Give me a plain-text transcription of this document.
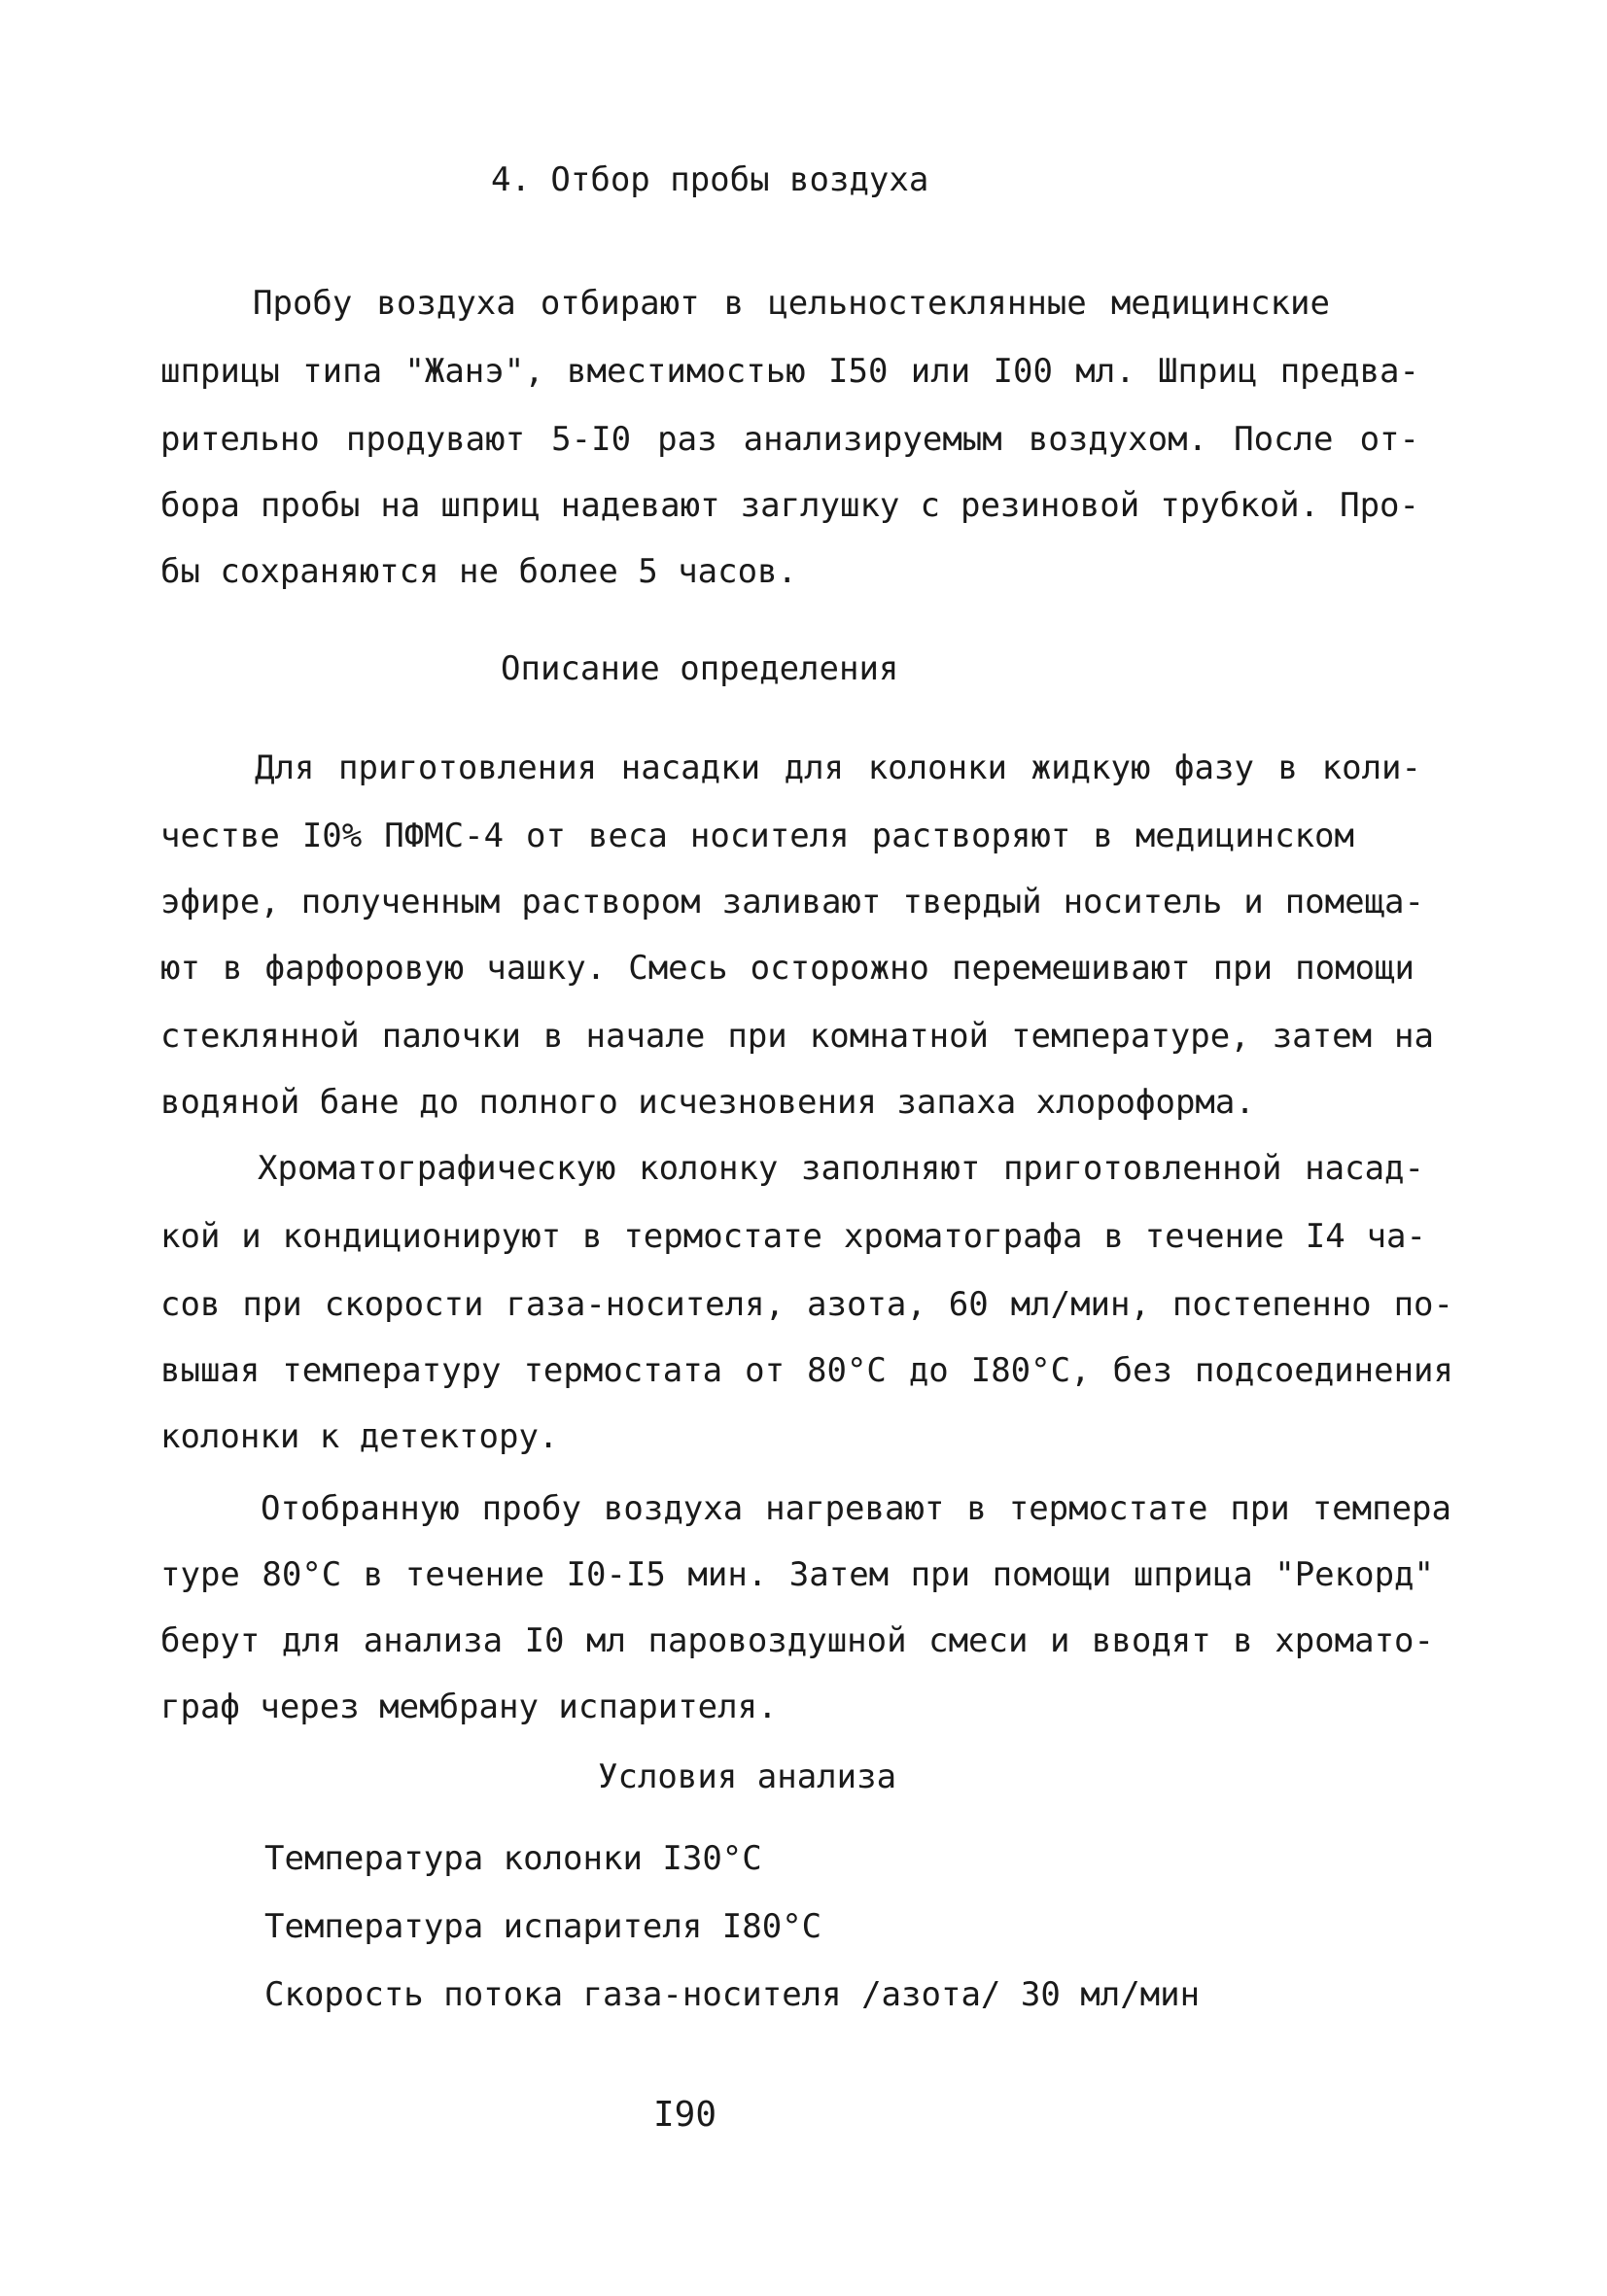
4. Отбор пробы воздуха
Пробу воздуха отбирают в цельностеклянные медицинские
шприцы типа "Жанэ", вместимостью I50 или I00 мл. Шприц предва-
рительно продувают 5-I0 раз анализируемым воздухом. После от-
бора пробы на шприц надевают заглушку с резиновой трубкой. Про-
бы сохраняются не более 5 часов.
Описание определения
Для приготовления насадки для колонки жидкую фазу в коли-
честве I0% ПФМС-4 от веса носителя растворяют в медицинском
эфире, полученным раствором заливают твердый носитель и помеща-
ют в фарфоровую чашку. Смесь осторожно перемешивают при помощи
стеклянной палочки в начале при комнатной температуре, затем на
водяной бане до полного исчезновения запаха хлороформа.
Хроматографическую колонку заполняют приготовленной насад-
кой и кондиционируют в термостате хроматографа в течение I4 ча-
сов при скорости газа-носителя, азота, 60 мл/мин, постепенно по-
вышая температуру термостата от 80°С до I80°С, без подсоединения
колонки к детектору.
Отобранную пробу воздуха нагревают в термостате при темпера
туре 80°С в течение I0-I5 мин. Затем при помощи шприца "Рекорд"
берут для анализа I0 мл паровоздушной смеси и вводят в хромато-
граф через мембрану испарителя.
Условия анализа
Температура колонки I30°С
Температура испарителя I80°С
Скорость потока газа-носителя /азота/ 30 мл/мин
I90
